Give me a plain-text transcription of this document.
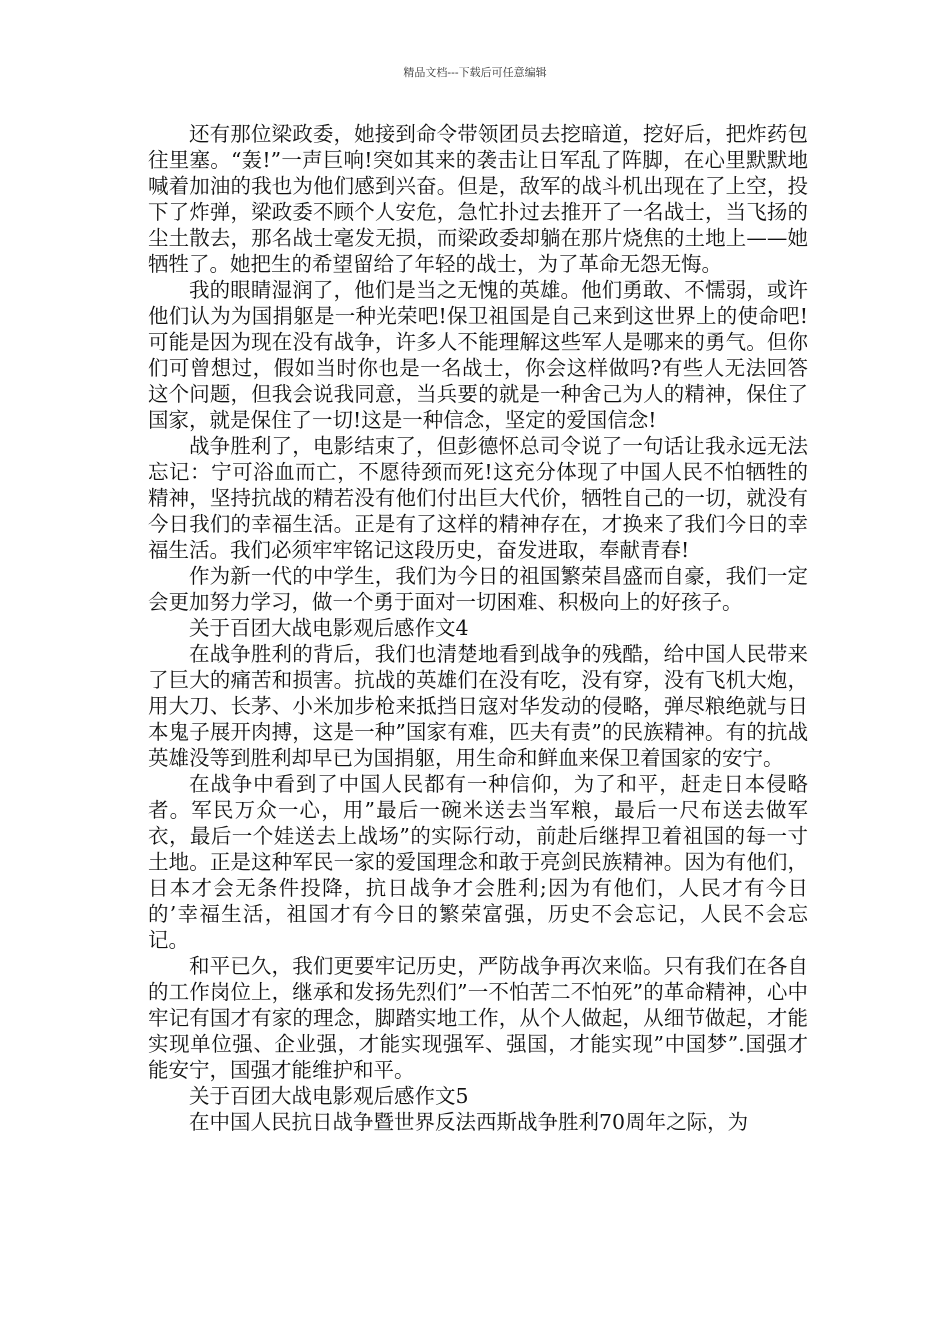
精品文档---下载后可任意编辑

还有那位梁政委，她接到命令带领团员去挖暗道，挖好后，把炸药包往里塞。“轰!”一声巨响!突如其来的袭击让日军乱了阵脚，在心里默默地喊着加油的我也为他们感到兴奋。但是，敌军的战斗机出现在了上空，投下了炸弹，梁政委不顾个人安危，急忙扑过去推开了一名战士，当飞扬的尘土散去，那名战士毫发无损，而梁政委却躺在那片烧焦的土地上——她牺牲了。她把生的希望留给了年轻的战士，为了革命无怨无悔。

我的眼睛湿润了，他们是当之无愧的英雄。他们勇敢、不懦弱，或许他们认为为国捐躯是一种光荣吧!保卫祖国是自己来到这世界上的使命吧!可能是因为现在没有战争，许多人不能理解这些军人是哪来的勇气。但你们可曾想过，假如当时你也是一名战士，你会这样做吗?有些人无法回答这个问题，但我会说我同意，当兵要的就是一种舍己为人的精神，保住了国家，就是保住了一切!这是一种信念，坚定的爱国信念!

战争胜利了，电影结束了，但彭德怀总司令说了一句话让我永远无法忘记：宁可浴血而亡，不愿待颈而死!这充分体现了中国人民不怕牺牲的精神，坚持抗战的精若没有他们付出巨大代价，牺牲自己的一切，就没有今日我们的幸福生活。正是有了这样的精神存在，才换来了我们今日的幸福生活。我们必须牢牢铭记这段历史，奋发进取，奉献青春!

作为新一代的中学生，我们为今日的祖国繁荣昌盛而自豪，我们一定会更加努力学习，做一个勇于面对一切困难、积极向上的好孩子。

关于百团大战电影观后感作文4

在战争胜利的背后，我们也清楚地看到战争的残酷，给中国人民带来了巨大的痛苦和损害。抗战的英雄们在没有吃，没有穿，没有飞机大炮，用大刀、长茅、小米加步枪来抵挡日寇对华发动的侵略，弹尽粮绝就与日本鬼子展开肉搏，这是一种”国家有难，匹夫有责”的民族精神。有的抗战英雄没等到胜利却早已为国捐躯，用生命和鲜血来保卫着国家的安宁。

在战争中看到了中国人民都有一种信仰，为了和平，赶走日本侵略者。军民万众一心，用”最后一碗米送去当军粮，最后一尺布送去做军衣，最后一个娃送去上战场”的实际行动，前赴后继捍卫着祖国的每一寸土地。正是这种军民一家的爱国理念和敢于亮剑民族精神。因为有他们，日本才会无条件投降，抗日战争才会胜利;因为有他们，人民才有今日的’幸福生活，祖国才有今日的繁荣富强，历史不会忘记，人民不会忘记。

和平已久，我们更要牢记历史，严防战争再次来临。只有我们在各自的工作岗位上，继承和发扬先烈们”一不怕苦二不怕死”的革命精神，心中牢记有国才有家的理念，脚踏实地工作，从个人做起，从细节做起，才能实现单位强、企业强，才能实现强军、强国，才能实现”中国梦”.国强才能安宁，国强才能维护和平。

关于百团大战电影观后感作文5

在中国人民抗日战争暨世界反法西斯战争胜利70周年之际，为
